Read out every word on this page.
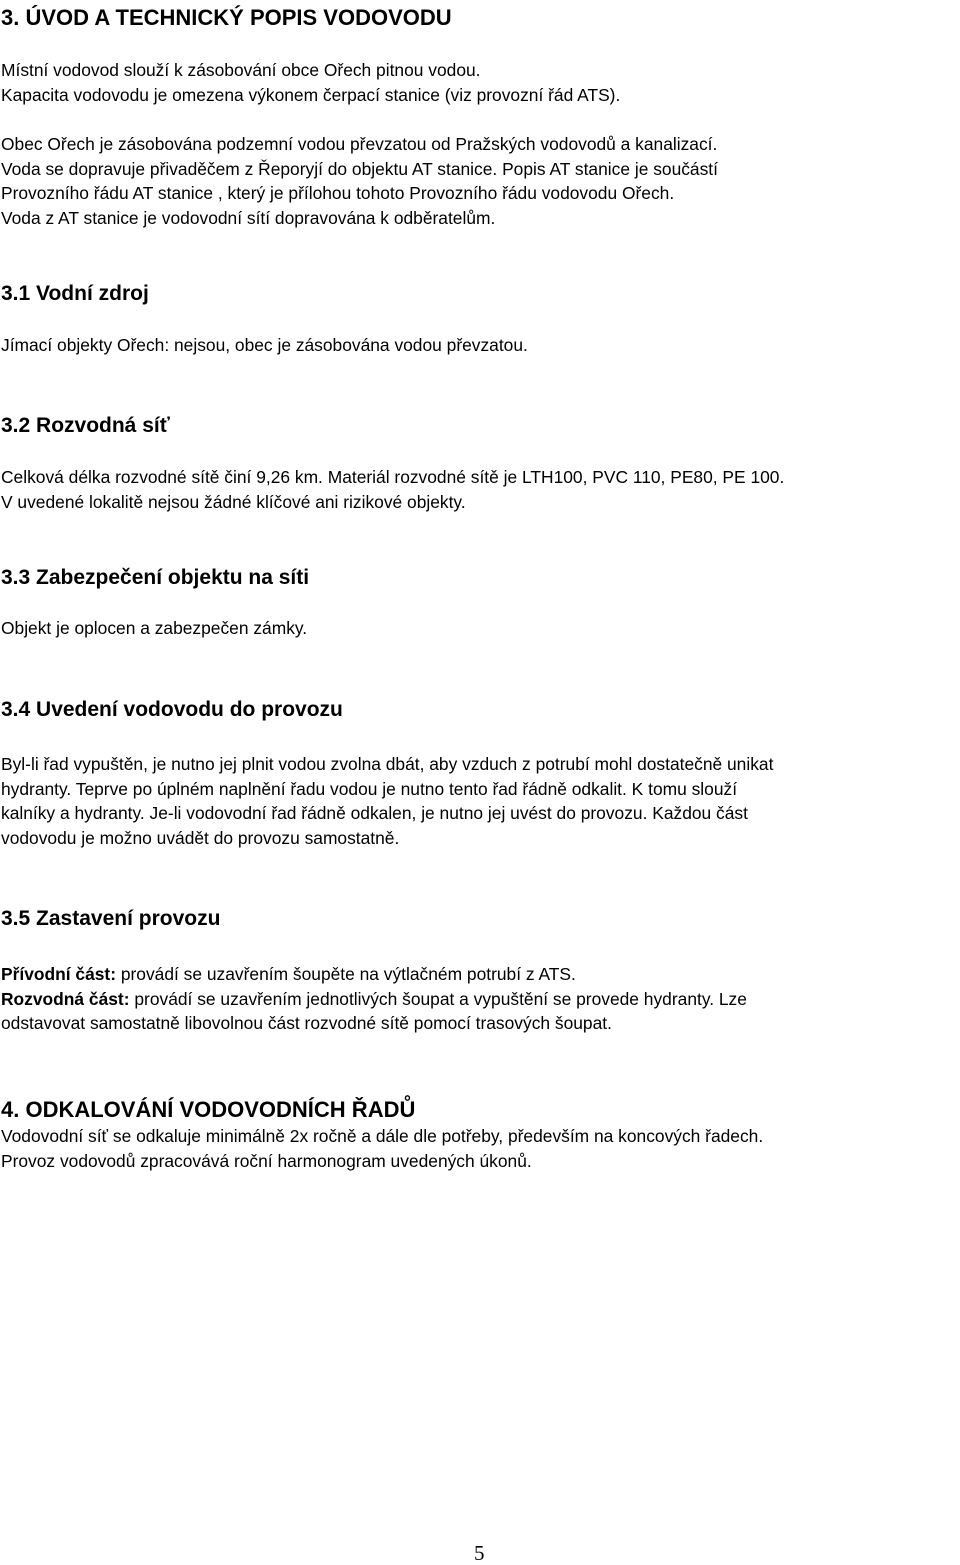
3. ÚVOD A TECHNICKÝ POPIS VODOVODU

Místní vodovod slouží k zásobování obce Ořech pitnou vodou.
Kapacita vodovodu je omezena výkonem čerpací stanice (viz provozní řád ATS).

Obec Ořech je zásobována podzemní vodou převzatou od Pražských vodovodů a kanalizací.
Voda se dopravuje přivaděčem z Řeporyjí do objektu AT stanice. Popis AT stanice je součástí
Provozního řádu AT stanice , který je přílohou tohoto Provozního řádu vodovodu Ořech.
Voda z AT stanice je vodovodní sítí dopravována k odběratelům.

3.1 Vodní zdroj

Jímací objekty Ořech: nejsou, obec je zásobována vodou převzatou.

3.2 Rozvodná síť

Celková délka rozvodné sítě činí 9,26 km. Materiál rozvodné sítě je LTH100, PVC 110, PE80, PE 100.
V uvedené lokalitě nejsou žádné klíčové ani rizikové objekty.

3.3 Zabezpečení objektu na síti

Objekt je oplocen a zabezpečen zámky.

3.4 Uvedení vodovodu do provozu

Byl-li řad vypuštěn, je nutno jej plnit vodou zvolna dbát, aby vzduch z potrubí mohl dostatečně unikat
hydranty. Teprve po úplném naplnění řadu vodou je nutno tento řad řádně odkalit. K tomu slouží
kalníky a hydranty. Je-li vodovodní řad řádně odkalen, je nutno jej uvést do provozu. Každou část
vodovodu je možno uvádět do provozu samostatně.

3.5 Zastavení provozu

Přívodní část: provádí se uzavřením šoupěte na výtlačném potrubí z ATS.
Rozvodná část: provádí se uzavřením jednotlivých šoupat a vypuštění se provede hydranty. Lze
odstavovat samostatně libovolnou část rozvodné sítě pomocí trasových šoupat.

4. ODKALOVÁNÍ VODOVODNÍCH ŘADŮ

Vodovodní síť se odkaluje minimálně 2x ročně a dále dle potřeby, především na koncových řadech.
Provoz vodovodů zpracovává roční harmonogram uvedených úkonů.

5
